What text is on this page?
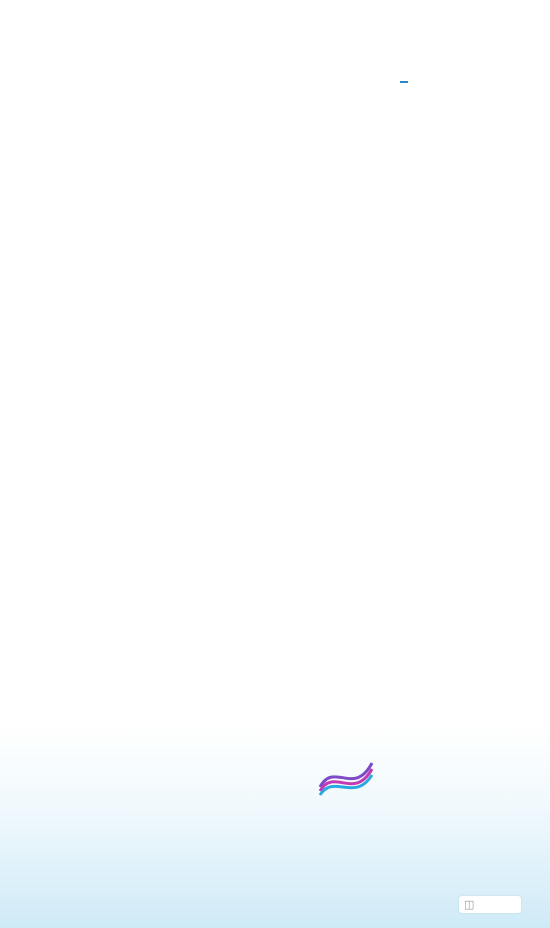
◫
